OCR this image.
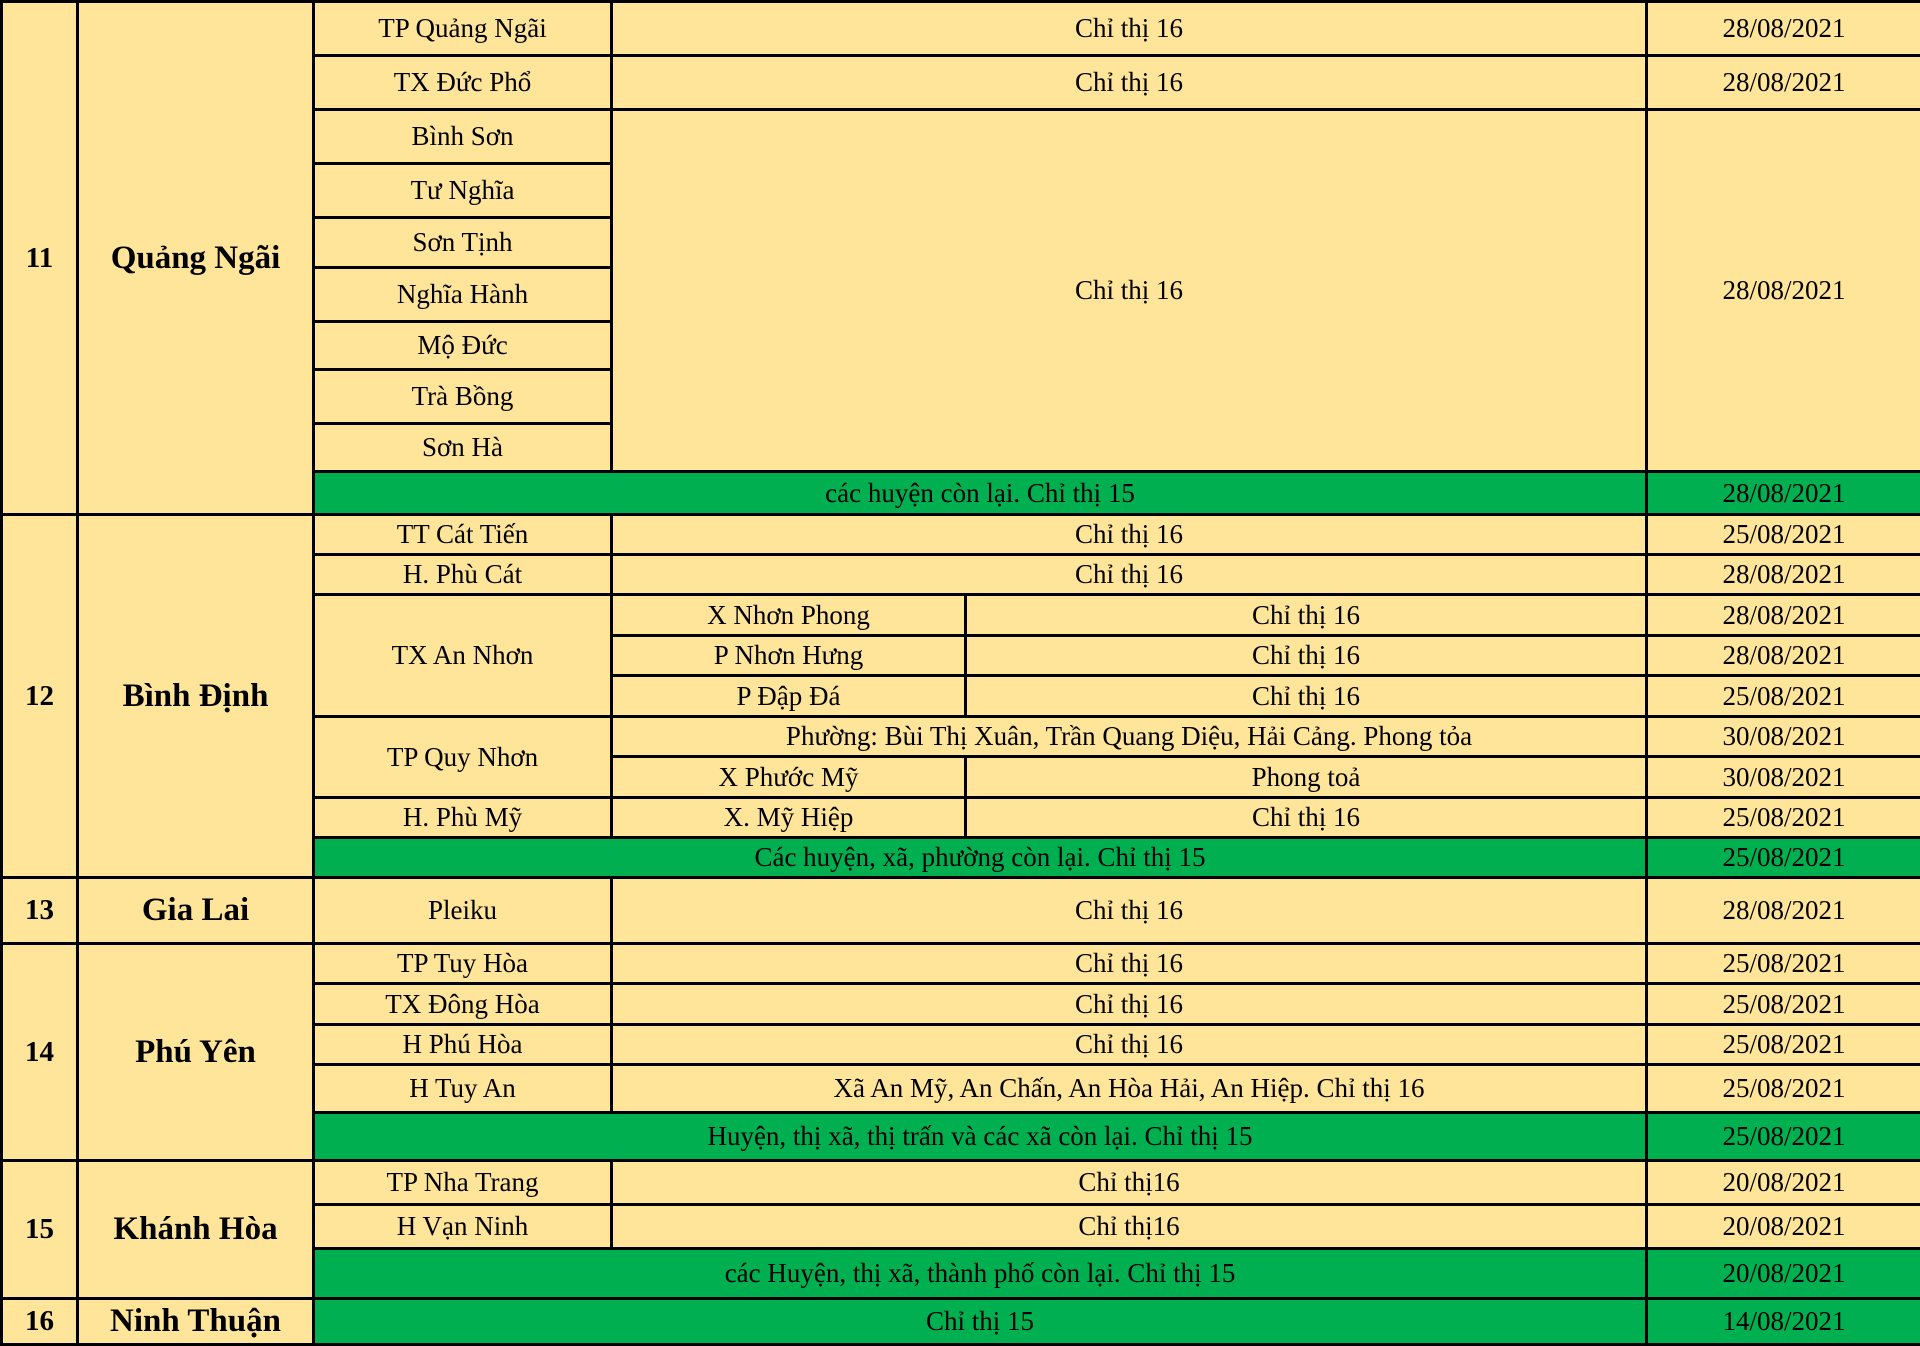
11	Quảng Ngãi	TP Quảng Ngãi	Chỉ thị 16		28/08/2021
		TX Đức Phổ	Chỉ thị 16		28/08/2021
		Bình Sơn	Chỉ thị 16		28/08/2021
		Tư Nghĩa			
		Sơn Tịnh			
		Nghĩa Hành			
		Mộ Đức			
		Trà Bồng			
		Sơn Hà			
		các huyện còn lại. Chỉ thị 15			28/08/2021
12	Bình Định	TT Cát Tiến	Chỉ thị 16		25/08/2021
		H. Phù Cát	Chỉ thị 16		28/08/2021
		TX An Nhơn	X Nhơn Phong	Chỉ thị 16	28/08/2021
			P Nhơn Hưng	Chỉ thị 16	28/08/2021
			P Đập Đá	Chỉ thị 16	25/08/2021
		TP Quy Nhơn	Phường: Bùi Thị Xuân, Trần Quang Diệu, Hải Cảng. Phong tỏa		30/08/2021
			X Phước Mỹ	Phong toả	30/08/2021
		H. Phù Mỹ	X. Mỹ Hiệp	Chỉ thị 16	25/08/2021
		Các huyện, xã, phường còn lại. Chỉ thị 15			25/08/2021
13	Gia Lai	Pleiku	Chỉ thị 16		28/08/2021
14	Phú Yên	TP Tuy Hòa	Chỉ thị 16		25/08/2021
		TX Đông Hòa	Chỉ thị 16		25/08/2021
		H Phú Hòa	Chỉ thị 16		25/08/2021
		H Tuy An	Xã An Mỹ, An Chấn, An Hòa Hải, An Hiệp. Chỉ thị 16		25/08/2021
		Huyện, thị xã, thị trấn và các xã còn lại. Chỉ thị 15			25/08/2021
15	Khánh Hòa	TP Nha Trang	Chỉ thị16		20/08/2021
		H Vạn Ninh	Chỉ thị16		20/08/2021
		các Huyện, thị xã, thành phố còn lại. Chỉ thị 15			20/08/2021
16	Ninh Thuận	Chỉ thị 15			14/08/2021
